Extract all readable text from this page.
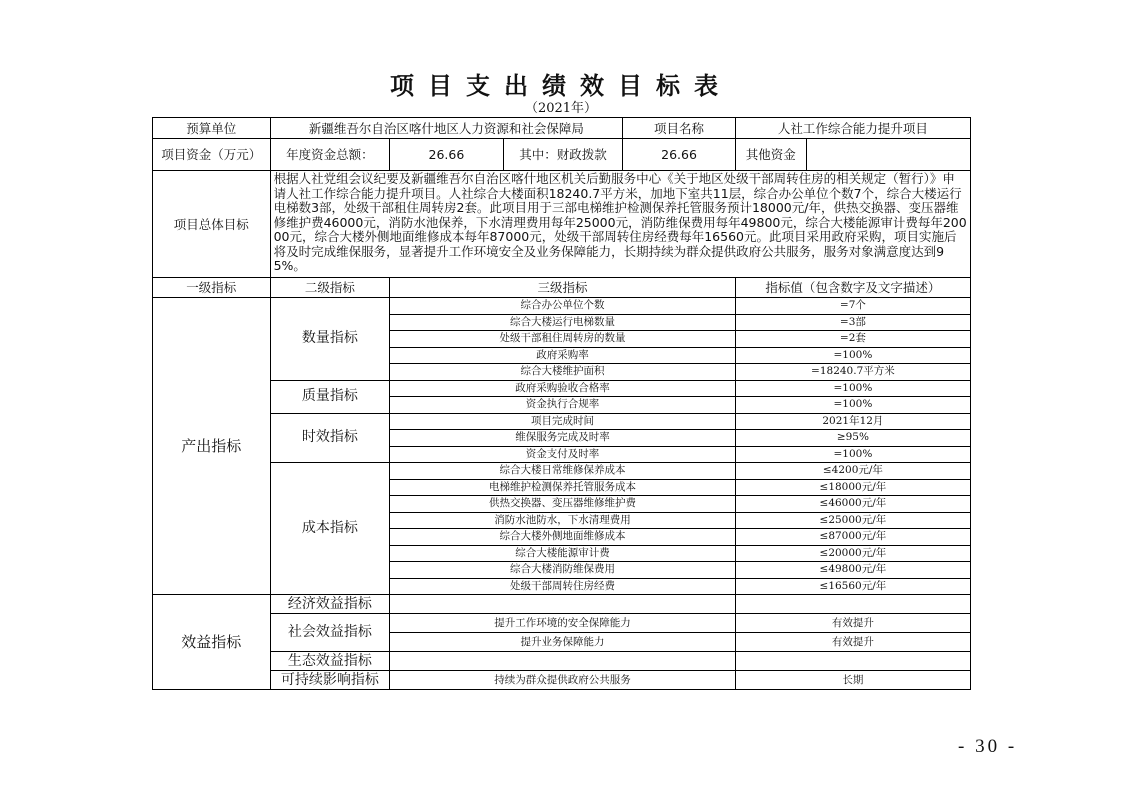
项目支出绩效目标表
（2021年）
预算单位	新疆维吾尔自治区喀什地区人力资源和社会保障局			项目名称	人社工作综合能力提升项目
项目资金（万元）	年度资金总额：	26.66	其中：财政拨款	26.66	其他资金

项目总体目标	根据人社党组会议纪要及新疆维吾尔自治区喀什地区机关后勤服务中心《关于地区处级干部周转住房的相关规定（暂行）》申请人社工作综合能力提升项目。人社综合大楼面积18240.7平方米，加地下室共11层，综合办公单位个数7个，综合大楼运行电梯数3部，处级干部租住周转房2套。此项目用于三部电梯维护检测保养托管服务预计18000元/年，供热交换器、变压器维修维护费46000元，消防水池保养，下水清理费用每年25000元，消防维保费用每年49800元，综合大楼能源审计费每年20000元，综合大楼外侧地面维修成本每年87000元，处级干部周转住房经费每年16560元。此项目采用政府采购，项目实施后将及时完成维保服务，显著提升工作环境安全及业务保障能力，长期持续为群众提供政府公共服务，服务对象满意度达到95%。				
一级指标	二级指标	三级指标			指标值（包含数字及文字描述）
产出指标	数量指标	综合办公单位个数			=7个
		综合大楼运行电梯数量			=3部
		处级干部租住周转房的数量			=2套
		政府采购率			=100%
		综合大楼维护面积			=18240.7平方米
	质量指标	政府采购验收合格率			=100%
		资金执行合规率			=100%
	时效指标	项目完成时间			2021年12月
		维保服务完成及时率			≥95%
		资金支付及时率			=100%
	成本指标	综合大楼日常维修保养成本			≤4200元/年
		电梯维护检测保养托管服务成本			≤18000元/年
		供热交换器、变压器维修维护费			≤46000元/年
		消防水池防水，下水清理费用			≤25000元/年
		综合大楼外侧地面维修成本			≤87000元/年
		综合大楼能源审计费			≤20000元/年
		综合大楼消防维保费用			≤49800元/年
		处级干部周转住房经费			≤16560元/年
效益指标	经济效益指标				
	社会效益指标	提升工作环境的安全保障能力			有效提升
		提升业务保障能力			有效提升
	生态效益指标				
	可持续影响指标	持续为群众提供政府公共服务			长期
- 30 -
